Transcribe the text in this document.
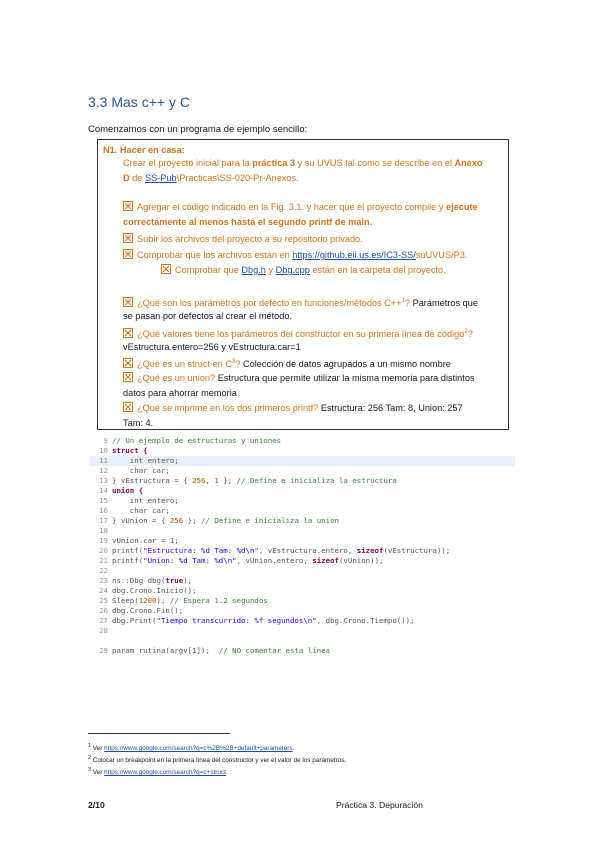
3.3 Mas c++ y C
Comenzamos con un programa de ejemplo sencillo:
N1. Hacer en casa:
Crear el proyecto inicial para la práctica 3 y su UVUS tal como se describe en el Anexo
D de SS-Pub\Practicas\SS-020-Pr-Anexos.
Agregar el código indicado en la Fig. 3.1. y hacer que el proyecto compile y ejecute
correctamente al menos hasta el segundo printf de main.
Subir los archivos del proyecto a su repositorio privado.
Comprobar que los archivos están en https://github.eii.us.es/IC3-SS/suUVUS/P3.
Comprobar que Dbg.h y Dbg.cpp están en la carpeta del proyecto.
¿Qué son los parámetros por defecto en funciones/métodos C++$^1$? Parámetros que
se pasan por defectos al crear el método.
¿Qué valores tiene los parámetros del constructor en su primera línea de código$^2$?
vEstructura.entero=256 y vEstructura.car=1
¿Qué es un struct en $C^3$? Colección de datos agrupados a un mismo nombre
¿Qué es un union? Estructura que permite utilizar la misma memoria para distintos
datos para ahorrar memoria
¿Qué se imprime en los dos primeros printf? Estructura: 256 Tam: 8, Union: 257
Tam: 4.
9 // Un ejemplo de estructuras y uniones
10 struct {
11 int entero;
12 char car;
13 } vEstructura = { 256, 1 }; // Define e inicializa la estructura
14 union {
15 int entero;
16 char car;
17 } vUnion = { 256 }; // Define e inicializa la union
18
19 vUnion.car = 1;
20 printf("Estructura: %d Tam: %d\n", vEstructura.entero, sizeof(vEstructura));
21 printf("Union: %d Tam: %d\n", vUnion.entero, sizeof(vUnion));
22
23 ns::Dbg dbg(true);
24 dbg.Crono.Inicio();
25 Sleep(1200); // Espera 1.2 segundos
26 dbg.Crono.Fin();
27 dbg.Print("Tiempo transcurrido: %f segundos\n", dbg.Crono.Tiempo());
28
29 param rutina(argv[1]);  // NO comentar esta línea
$^1$ Ver https://www.google.com/search?q=c%2B%2B+default+parameters.
$^2$ Colocar un breakpoint en la primera línea del constructor y ver el valor de los parámetros.
$^3$ Ver https://www.google.com/search?q=c+struct.
2/10	Práctica 3. Depuración
